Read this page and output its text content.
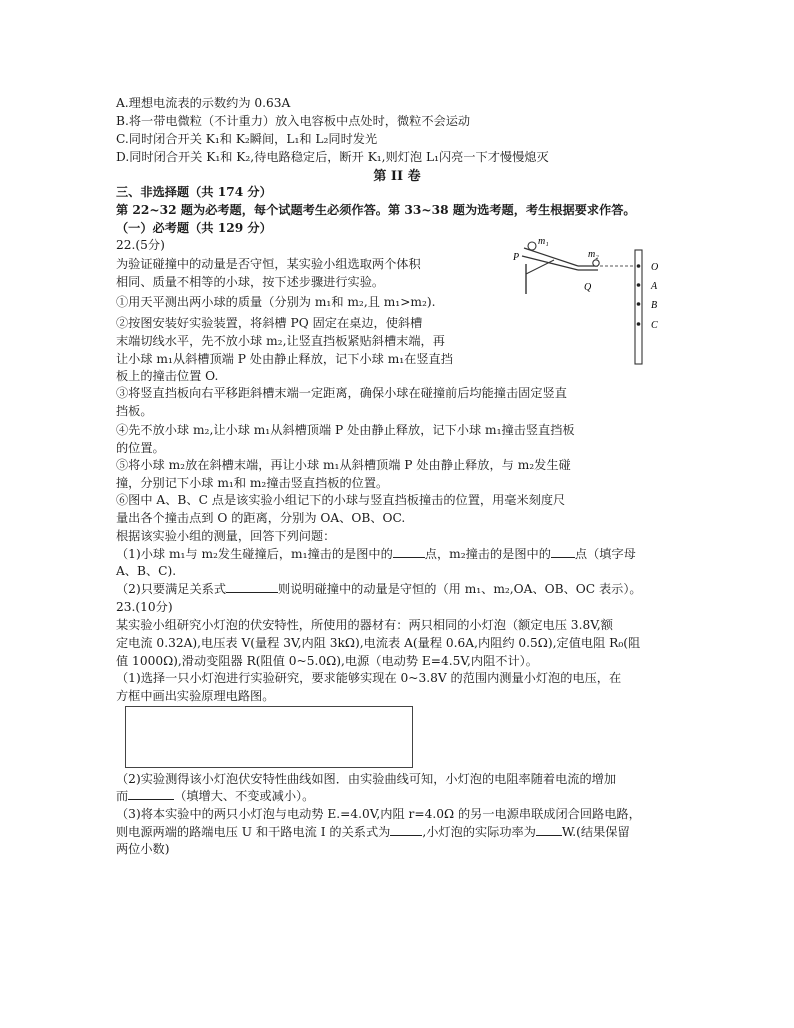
A.理想电流表的示数约为 0.63A
B.将一带电微粒（不计重力）放入电容板中点处时，微粒不会运动
C.同时闭合开关 K₁和 K₂瞬间，L₁和 L₂同时发光
D.同时闭合开关 K₁和 K₂,待电路稳定后，断开 K₁,则灯泡 L₁闪亮一下才慢慢熄灭
第 II 卷
三、非选择题（共 174 分）
第 22~32 题为必考题，每个试题考生必须作答。第 33~38 题为选考题，考生根据要求作答。
（一）必考题（共 129 分）
22.(5分)
为验证碰撞中的动量是否守恒，某实验小组选取两个体积
相同、质量不相等的小球，按下述步骤进行实验。
①用天平测出两小球的质量（分别为 m₁和 m₂,且 m₁>m₂).
②按图安装好实验装置，将斜槽 PQ 固定在桌边，使斜槽
末端切线水平，先不放小球 m₂,让竖直挡板紧贴斜槽末端，再
让小球 m₁从斜槽顶端 P 处由静止释放，记下小球 m₁在竖直挡
板上的撞击位置 O.
③将竖直挡板向右平移距斜槽末端一定距离，确保小球在碰撞前后均能撞击固定竖直
挡板。
④先不放小球 m₂,让小球 m₁从斜槽顶端 P 处由静止释放，记下小球 m₁撞击竖直挡板
的位置。
⑤将小球 m₂放在斜槽末端，再让小球 m₁从斜槽顶端 P 处由静止释放，与 m₂发生碰
撞，分别记下小球 m₁和 m₂撞击竖直挡板的位置。
⑥图中 A、B、C 点是该实验小组记下的小球与竖直挡板撞击的位置，用毫米刻度尺
量出各个撞击点到 O 的距离，分别为 OA、OB、OC.
根据该实验小组的测量，回答下列问题：
（1)小球 m₁与 m₂发生碰撞后，m₁撞击的是图中的	点，m₂撞击的是图中的 点（填字母
A、B、C).
（2)只要满足关系式	则说明碰撞中的动量是守恒的（用 m₁、m₂,OA、OB、OC 表示）。
23.(10分)
某实验小组研究小灯泡的伏安特性，所使用的器材有：两只相同的小灯泡（额定电压 3.8V,额
定电流 0.32A),电压表 V(量程 3V,内阻 3kΩ),电流表 A(量程 0.6A,内阻约 0.5Ω),定值电阻 R₀(阻
值 1000Ω),滑动变阻器 R(阻值 0~5.0Ω),电源（电动势 E=4.5V,内阻不计）。
（1)选择一只小灯泡进行实验研究，要求能够实现在 0~3.8V 的范围内测量小灯泡的电压，在
方框中画出实验原理电路图。
（2)实验测得该小灯泡伏安特性曲线如图．由实验曲线可知，小灯泡的电阻率随着电流的增加
而	（填增大、不变或减小）。
（3)将本实验中的两只小灯泡与电动势 E.=4.0V,内阻 r=4.0Ω 的另一电源串联成闭合回路电路，
则电源两端的路端电压 U 和干路电流 I 的关系式为	,小灯泡的实际功率为 W.(结果保留
两位小数)
m₁
P	m₂
Q
O
A
B
C
